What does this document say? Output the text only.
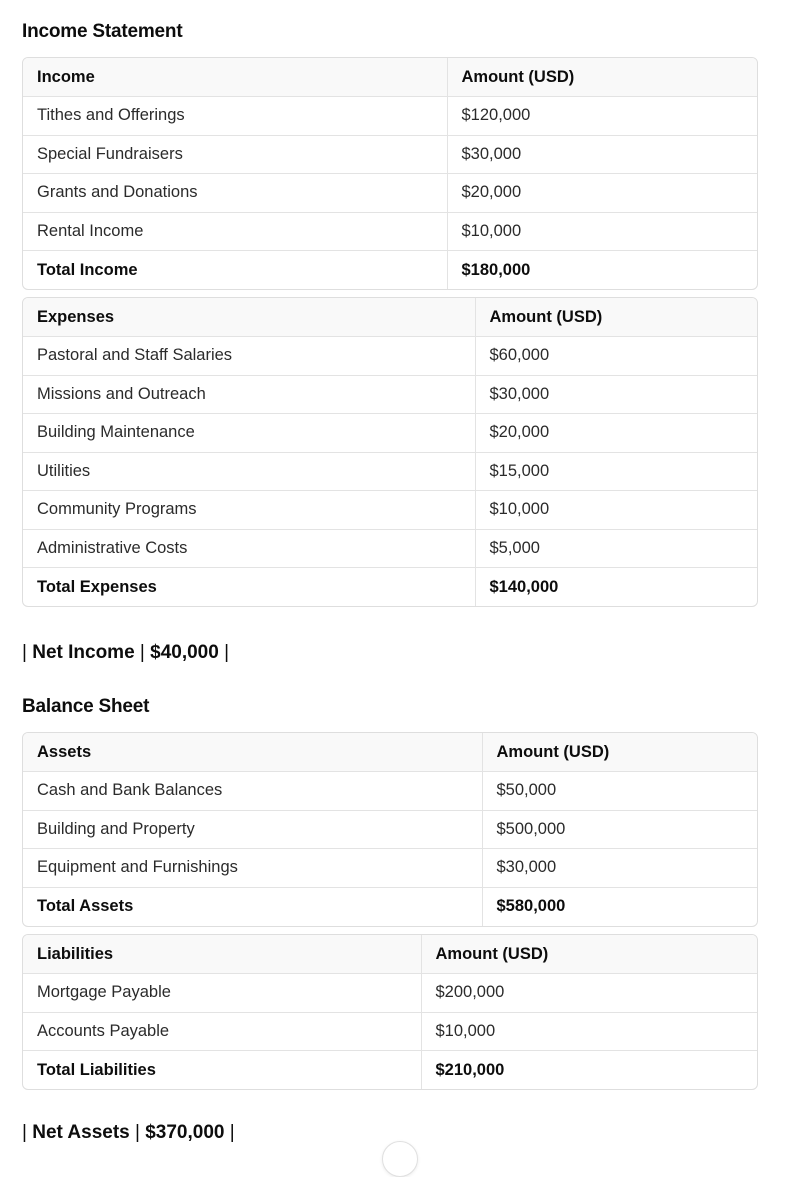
Income Statement
Income	Amount (USD)
Tithes and Offerings	$120,000
Special Fundraisers	$30,000
Grants and Donations	$20,000
Rental Income	$10,000
Total Income	$180,000
Expenses	Amount (USD)
Pastoral and Staff Salaries	$60,000
Missions and Outreach	$30,000
Building Maintenance	$20,000
Utilities	$15,000
Community Programs	$10,000
Administrative Costs	$5,000
Total Expenses	$140,000
| Net Income | $40,000 |
Balance Sheet
Assets	Amount (USD)
Cash and Bank Balances	$50,000
Building and Property	$500,000
Equipment and Furnishings	$30,000
Total Assets	$580,000
Liabilities	Amount (USD)
Mortgage Payable	$200,000
Accounts Payable	$10,000
Total Liabilities	$210,000
| Net Assets | $370,000 |
